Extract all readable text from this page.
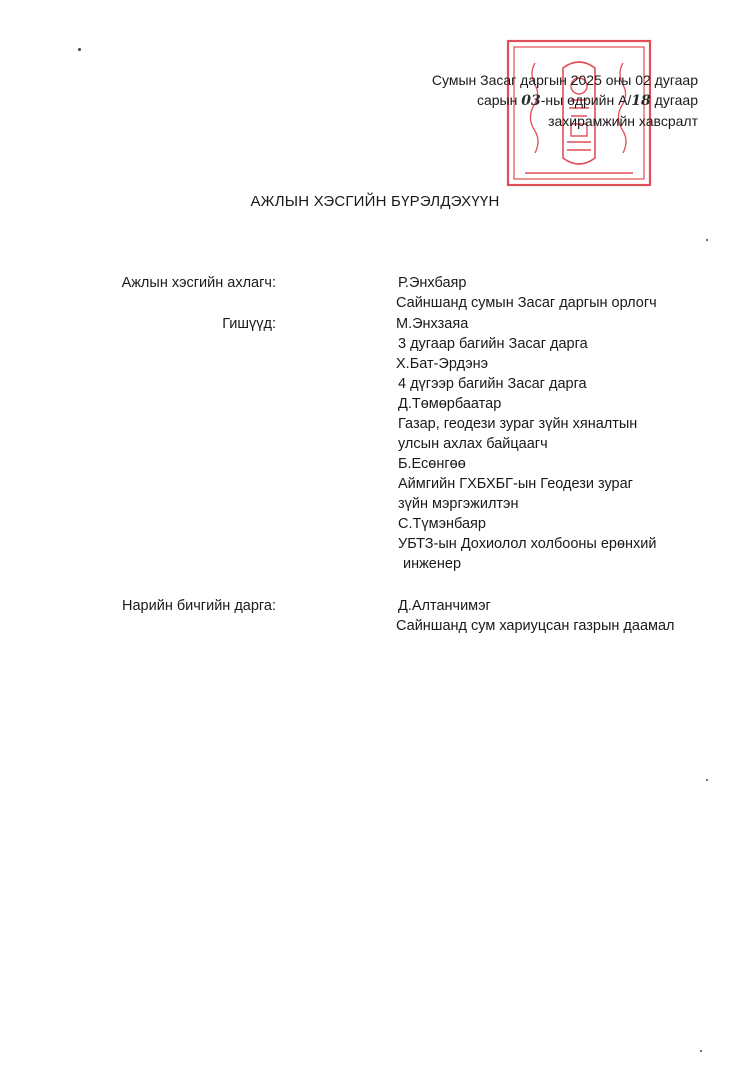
Сумын Засаг даргын 2025 оны 02 дугаар
сарын 03-ны өдрийн А/18 дугаар
захирамжийн хавсралт
АЖЛЫН ХЭСГИЙН БҮРЭЛДЭХҮҮН
Ажлын хэсгийн ахлагч:	Р.Энхбаяр
Сайншанд сумын Засаг даргын орлогч
Гишүүд:	М.Энхзаяа
3 дугаар багийн Засаг дарга
Х.Бат-Эрдэнэ
4 дүгээр багийн Засаг дарга
Д.Төмөрбаатар
Газар, геодези зураг зүйн хяналтын
улсын ахлах байцаагч
Б.Есөнгөө
Аймгийн ГХБХБГ-ын Геодези зураг
зүйн мэргэжилтэн
С.Түмэнбаяр
УБТЗ-ын Дохиолол холбооны ерөнхий
инженер
Нарийн бичгийн дарга:	Д.Алтанчимэг
Сайншанд сум хариуцсан газрын даамал
